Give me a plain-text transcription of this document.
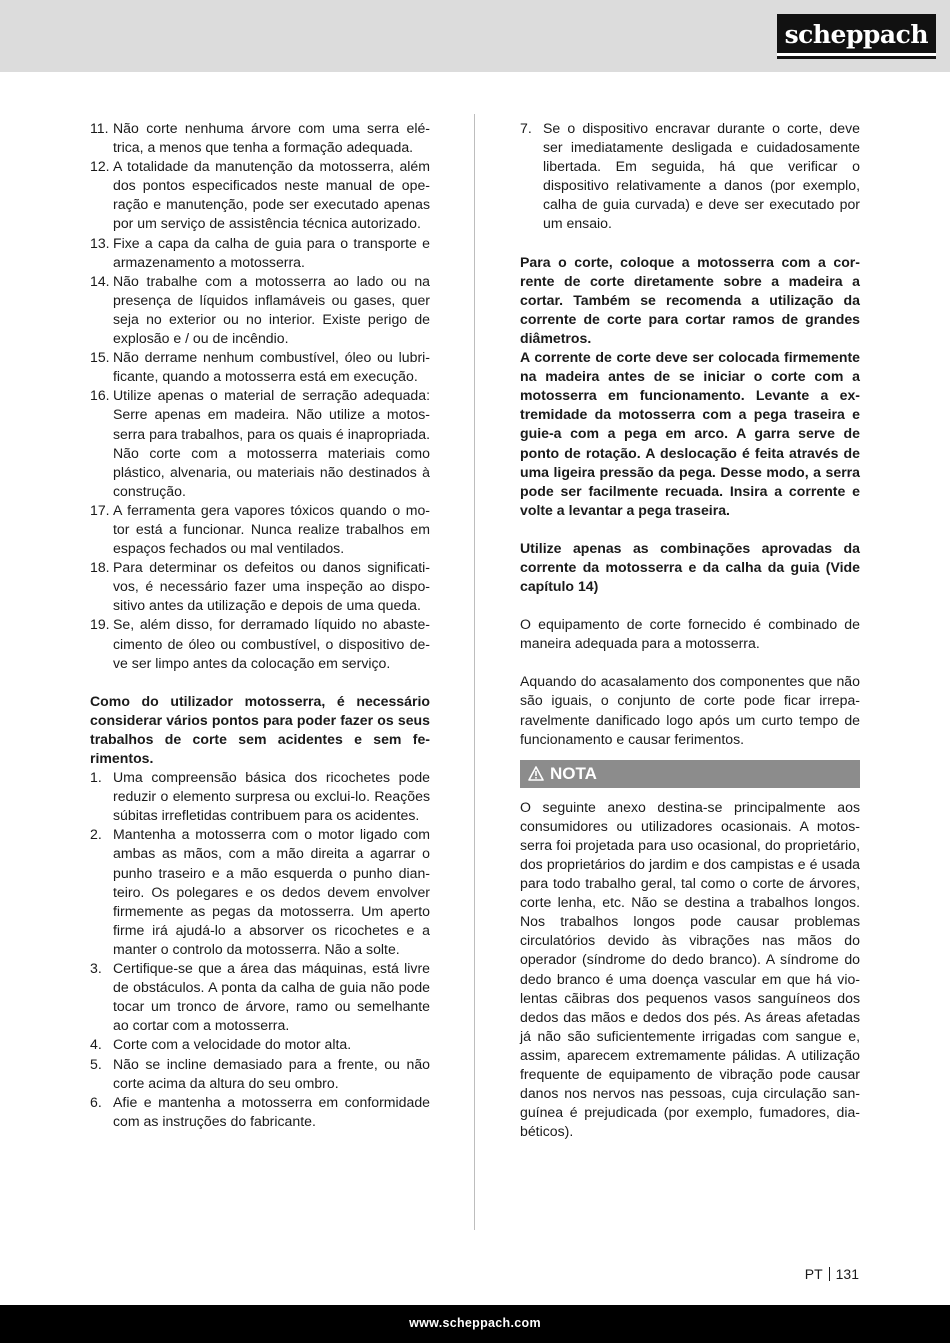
scheppach
11. Não corte nenhuma árvore com uma serra elétrica, a menos que tenha a formação adequada.
12. A totalidade da manutenção da motosserra, além dos pontos especificados neste manual de operação e manutenção, pode ser executado apenas por um serviço de assistência técnica autorizado.
13. Fixe a capa da calha de guia para o transporte e armazenamento a motosserra.
14. Não trabalhe com a motosserra ao lado ou na presença de líquidos inflamáveis ou gases, quer seja no exterior ou no interior. Existe perigo de explosão e / ou de incêndio.
15. Não derrame nenhum combustível, óleo ou lubrificante, quando a motosserra está em execução.
16. Utilize apenas o material de serração adequada: Serre apenas em madeira. Não utilize a motosserra para trabalhos, para os quais é inapropriada. Não corte com a motosserra materiais como plástico, alvenaria, ou materiais não destinados à construção.
17. A ferramenta gera vapores tóxicos quando o motor está a funcionar. Nunca realize trabalhos em espaços fechados ou mal ventilados.
18. Para determinar os defeitos ou danos significativos, é necessário fazer uma inspeção ao dispositivo antes da utilização e depois de uma queda.
19. Se, além disso, for derramado líquido no abastecimento de óleo ou combustível, o dispositivo deve ser limpo antes da colocação em serviço.

Como do utilizador motosserra, é necessário considerar vários pontos para poder fazer os seus trabalhos de corte sem acidentes e sem ferimentos.

1. Uma compreensão básica dos ricochetes pode reduzir o elemento surpresa ou exclui-lo. Reações súbitas irrefletidas contribuem para os acidentes.
2. Mantenha a motosserra com o motor ligado com ambas as mãos, com a mão direita a agarrar o punho traseiro e a mão esquerda o punho dianteiro. Os polegares e os dedos devem envolver firmemente as pegas da motosserra. Um aperto firme irá ajudá-lo a absorver os ricochetes e a manter o controlo da motosserra. Não a solte.
3. Certifique-se que a área das máquinas, está livre de obstáculos. A ponta da calha de guia não pode tocar um tronco de árvore, ramo ou semelhante ao cortar com a motosserra.
4. Corte com a velocidade do motor alta.
5. Não se incline demasiado para a frente, ou não corte acima da altura do seu ombro.
6. Afie e mantenha a motosserra em conformidade com as instruções do fabricante.
7. Se o dispositivo encravar durante o corte, deve ser imediatamente desligada e cuidadosamente libertada. Em seguida, há que verificar o dispositivo relativamente a danos (por exemplo, calha de guia curvada) e deve ser executado por um ensaio.

Para o corte, coloque a motosserra com a corrente de corte diretamente sobre a madeira a cortar. Também se recomenda a utilização da corrente de corte para cortar ramos de grandes diâmetros.

A corrente de corte deve ser colocada firmemente na madeira antes de se iniciar o corte com a motosserra em funcionamento. Levante a extremidade da motosserra com a pega traseira e guie-a com a pega em arco. A garra serve de ponto de rotação. A deslocação é feita através de uma ligeira pressão da pega. Desse modo, a serra pode ser facilmente recuada. Insira a corrente e volte a levantar a pega traseira.

Utilize apenas as combinações aprovadas da corrente da motosserra e da calha da guia (Vide capítulo 14)

O equipamento de corte fornecido é combinado de maneira adequada para a motosserra.

Aquando do acasalamento dos componentes que não são iguais, o conjunto de corte pode ficar irreparavelmente danificado logo após um curto tempo de funcionamento e causar ferimentos.

NOTA

O seguinte anexo destina-se principalmente aos consumidores ou utilizadores ocasionais. A motosserra foi projetada para uso ocasional, do proprietário, dos proprietários do jardim e dos campistas e é usada para todo trabalho geral, tal como o corte de árvores, corte lenha, etc. Não se destina a trabalhos longos. Nos trabalhos longos pode causar problemas circulatórios devido às vibrações nas mãos do operador (síndrome do dedo branco). A síndrome do dedo branco é uma doença vascular em que há violentas cãibras dos pequenos vasos sanguíneos dos dedos das mãos e dedos dos pés. As áreas afetadas já não são suficientemente irrigadas com sangue e, assim, aparecem extremamente pálidas. A utilização frequente de equipamento de vibração pode causar danos nos nervos nas pessoas, cuja circulação sanguínea é prejudicada (por exemplo, fumadores, diabéticos).

PT 131
www.scheppach.com
